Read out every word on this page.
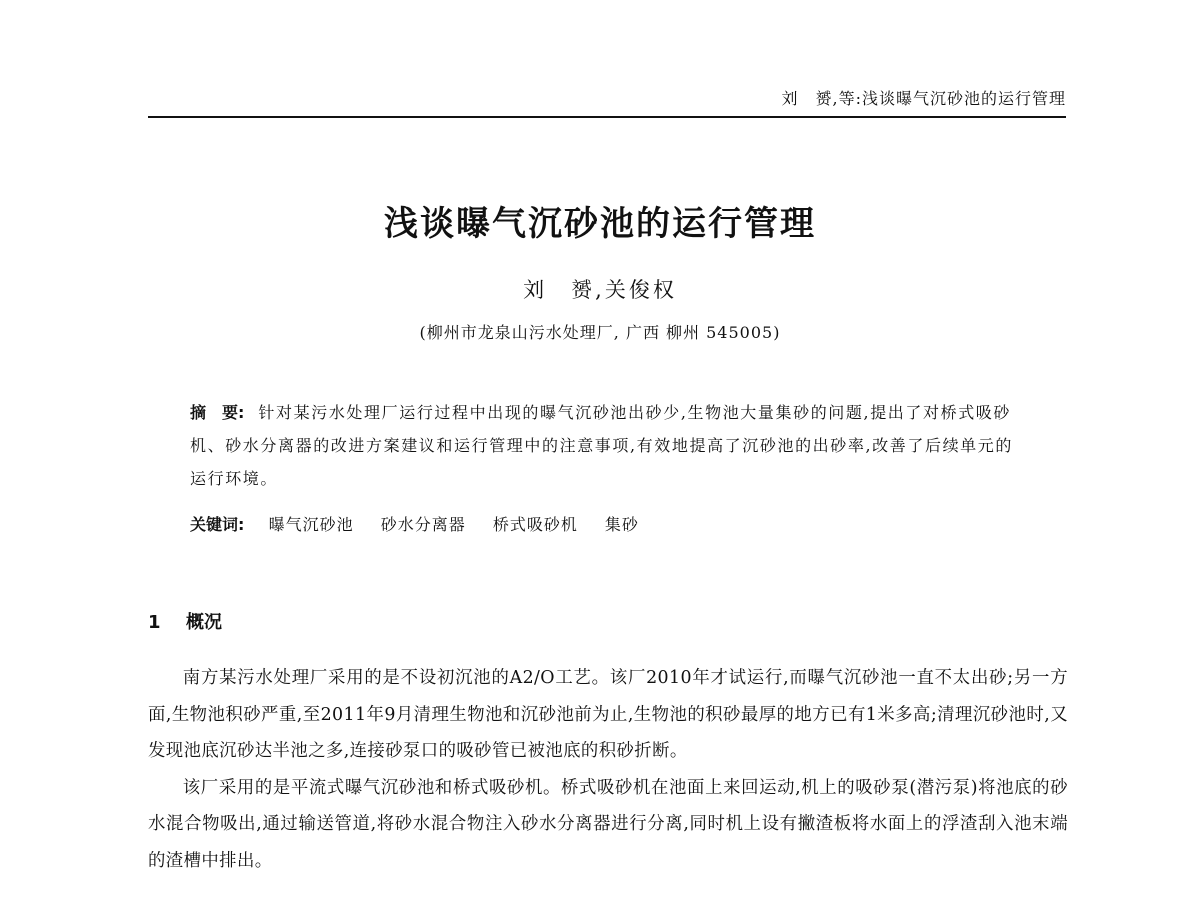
刘　赟,等:浅谈曝气沉砂池的运行管理
浅谈曝气沉砂池的运行管理
刘　赟,关俊权
(柳州市龙泉山污水处理厂, 广西 柳州 545005)
摘 要: 针对某污水处理厂运行过程中出现的曝气沉砂池出砂少,生物池大量集砂的问题,提出了对桥式吸砂机、砂水分离器的改进方案建议和运行管理中的注意事项,有效地提高了沉砂池的出砂率,改善了后续单元的运行环境。
关键词: 曝气沉砂池 砂水分离器 桥式吸砂机 集砂
1 概况

南方某污水处理厂采用的是不设初沉池的A2/O工艺。该厂2010年才试运行,而曝气沉砂池一直不太出砂;另一方面,生物池积砂严重,至2011年9月清理生物池和沉砂池前为止,生物池的积砂最厚的地方已有1米多高;清理沉砂池时,又发现池底沉砂达半池之多,连接砂泵口的吸砂管已被池底的积砂折断。

该厂采用的是平流式曝气沉砂池和桥式吸砂机。桥式吸砂机在池面上来回运动,机上的吸砂泵(潜污泵)将池底的砂水混合物吸出,通过输送管道,将砂水混合物注入砂水分离器进行分离,同时机上设有撇渣板将水面上的浮渣刮入池末端的渣槽中排出。
